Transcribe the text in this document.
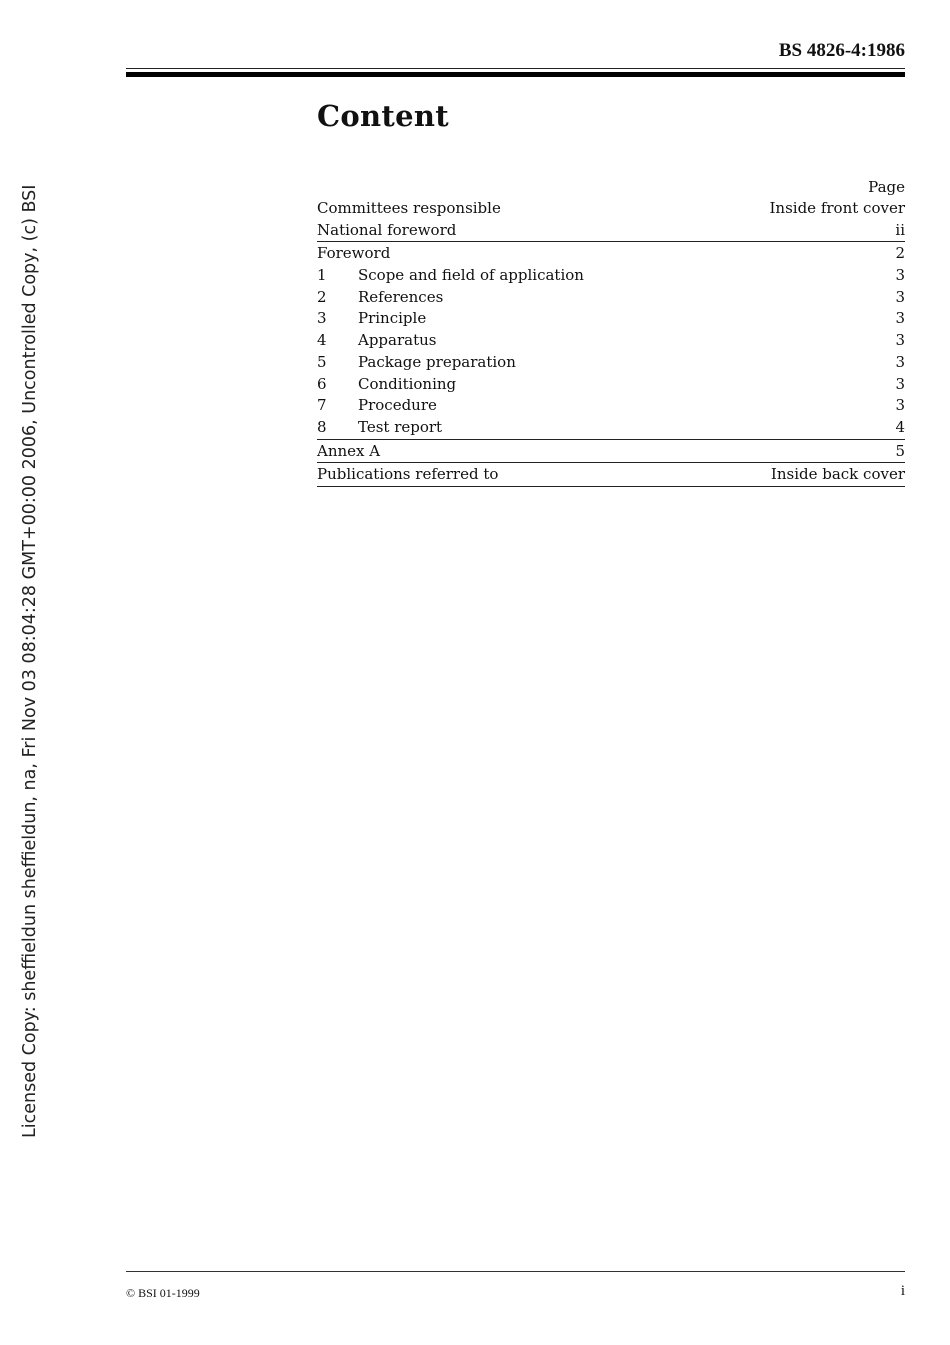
BS 4826-4:1986
Content
Page
Committees responsible	Inside front cover
National foreword	ii
Foreword	2
1	Scope and field of application	3
2	References	3
3	Principle	3
4	Apparatus	3
5	Package preparation	3
6	Conditioning	3
7	Procedure	3
8	Test report	4
Annex A	5
Publications referred to	Inside back cover
Licensed Copy: sheffieldun sheffieldun, na, Fri Nov 03 08:04:28 GMT+00:00 2006, Uncontrolled Copy, (c) BSI
© BSI 01-1999	i
